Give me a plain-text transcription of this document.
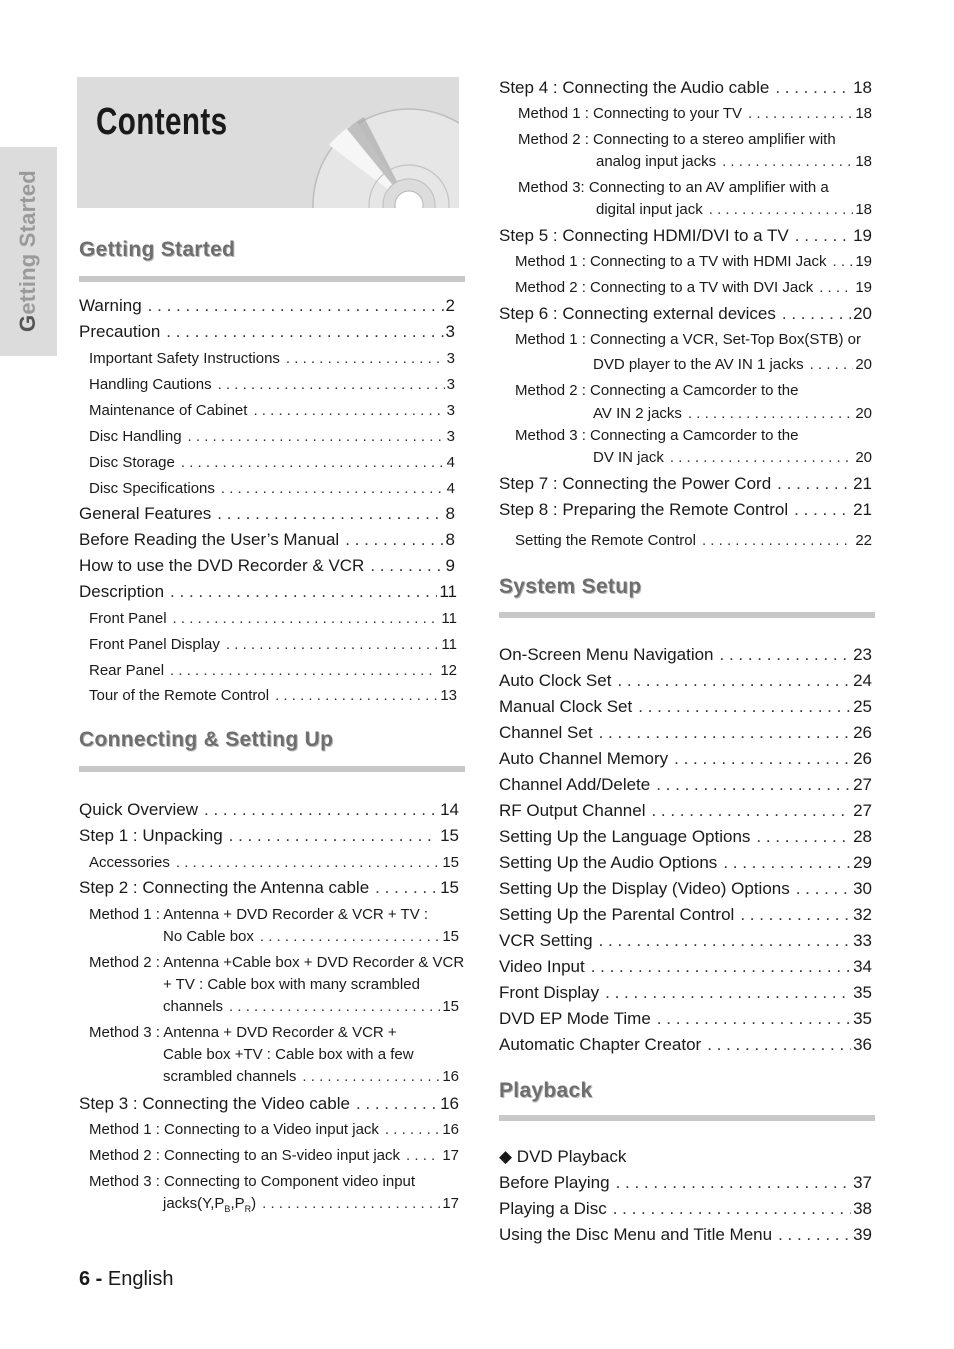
Getting Started
Contents
Getting Started
Warning . . .	2
Precaution . . .	3
Important Safety Instructions . . .	3
Handling Cautions . . .	3
Maintenance of Cabinet . . .	3
Disc Handling . . .	3
Disc Storage . . .	4
Disc Specifications . . .	4
General Features . . .	8
Before Reading the User’s Manual . . .	8
How to use the DVD Recorder & VCR . . .	9
Description . . .	11
Front Panel . . .	11
Front Panel Display . . .	11
Rear Panel . . .	12
Tour of the Remote Control . . .	13
Connecting & Setting Up
Quick Overview . . .	14
Step 1 : Unpacking . . .	15
Accessories . . .	15
Step 2 : Connecting the Antenna cable . . .	15
Method 1 : Antenna + DVD Recorder & VCR + TV :
No Cable box . . .	15
Method 2 : Antenna +Cable box + DVD Recorder & VCR
+ TV : Cable box with many scrambled
channels . . .	15
Method 3 : Antenna + DVD Recorder & VCR +
Cable box +TV : Cable box with a few
scrambled channels . . .	16
Step 3 : Connecting the Video cable . . .	16
Method 1 : Connecting to a Video input jack . . .	16
Method 2 : Connecting to an S-video input jack . . .	17
Method 3 : Connecting to Component video input
$jacks(Y,P_B,P_R)$ . . .	17
Step 4 : Connecting the Audio cable . . .	18
Method 1 : Connecting to your TV . . .	18
Method 2 : Connecting to a stereo amplifier with
analog input jacks . . .	18
Method 3: Connecting to an AV amplifier with a
digital input jack . . .	18
Step 5 : Connecting HDMI/DVI to a TV . . .	19
Method 1 : Connecting to a TV with HDMI Jack . . . 19
Method 2 : Connecting to a TV with DVI Jack . . .	19
Step 6 : Connecting external devices . . .	20
Method 1 : Connecting a VCR, Set-Top Box(STB) or
DVD player to the AV IN 1 jacks . . .	20
Method 2 : Connecting a Camcorder to the
AV IN 2 jacks . . .	20
Method 3 : Connecting a Camcorder to the
DV IN jack . . .	20
Step 7 : Connecting the Power Cord . . .	21
Step 8 : Preparing the Remote Control . . .	21
Setting the Remote Control . . .	22
System Setup
On-Screen Menu Navigation . . .	23
Auto Clock Set . . .	24
Manual Clock Set . . .	25
Channel Set . . .	26
Auto Channel Memory . . .	26
Channel Add/Delete . . .	27
RF Output Channel . . .	27
Setting Up the Language Options . . .	28
Setting Up the Audio Options . . .	29
Setting Up the Display (Video) Options . . .	30
Setting Up the Parental Control . . .	32
VCR Setting . . .	33
Video Input . . .	34
Front Display . . .	35
DVD EP Mode Time . . .	35
Automatic Chapter Creator . . .	36
Playback
◆ DVD Playback
Before Playing . . .	37
Playing a Disc . . .	38
Using the Disc Menu and Title Menu . . .	39
6 - English
